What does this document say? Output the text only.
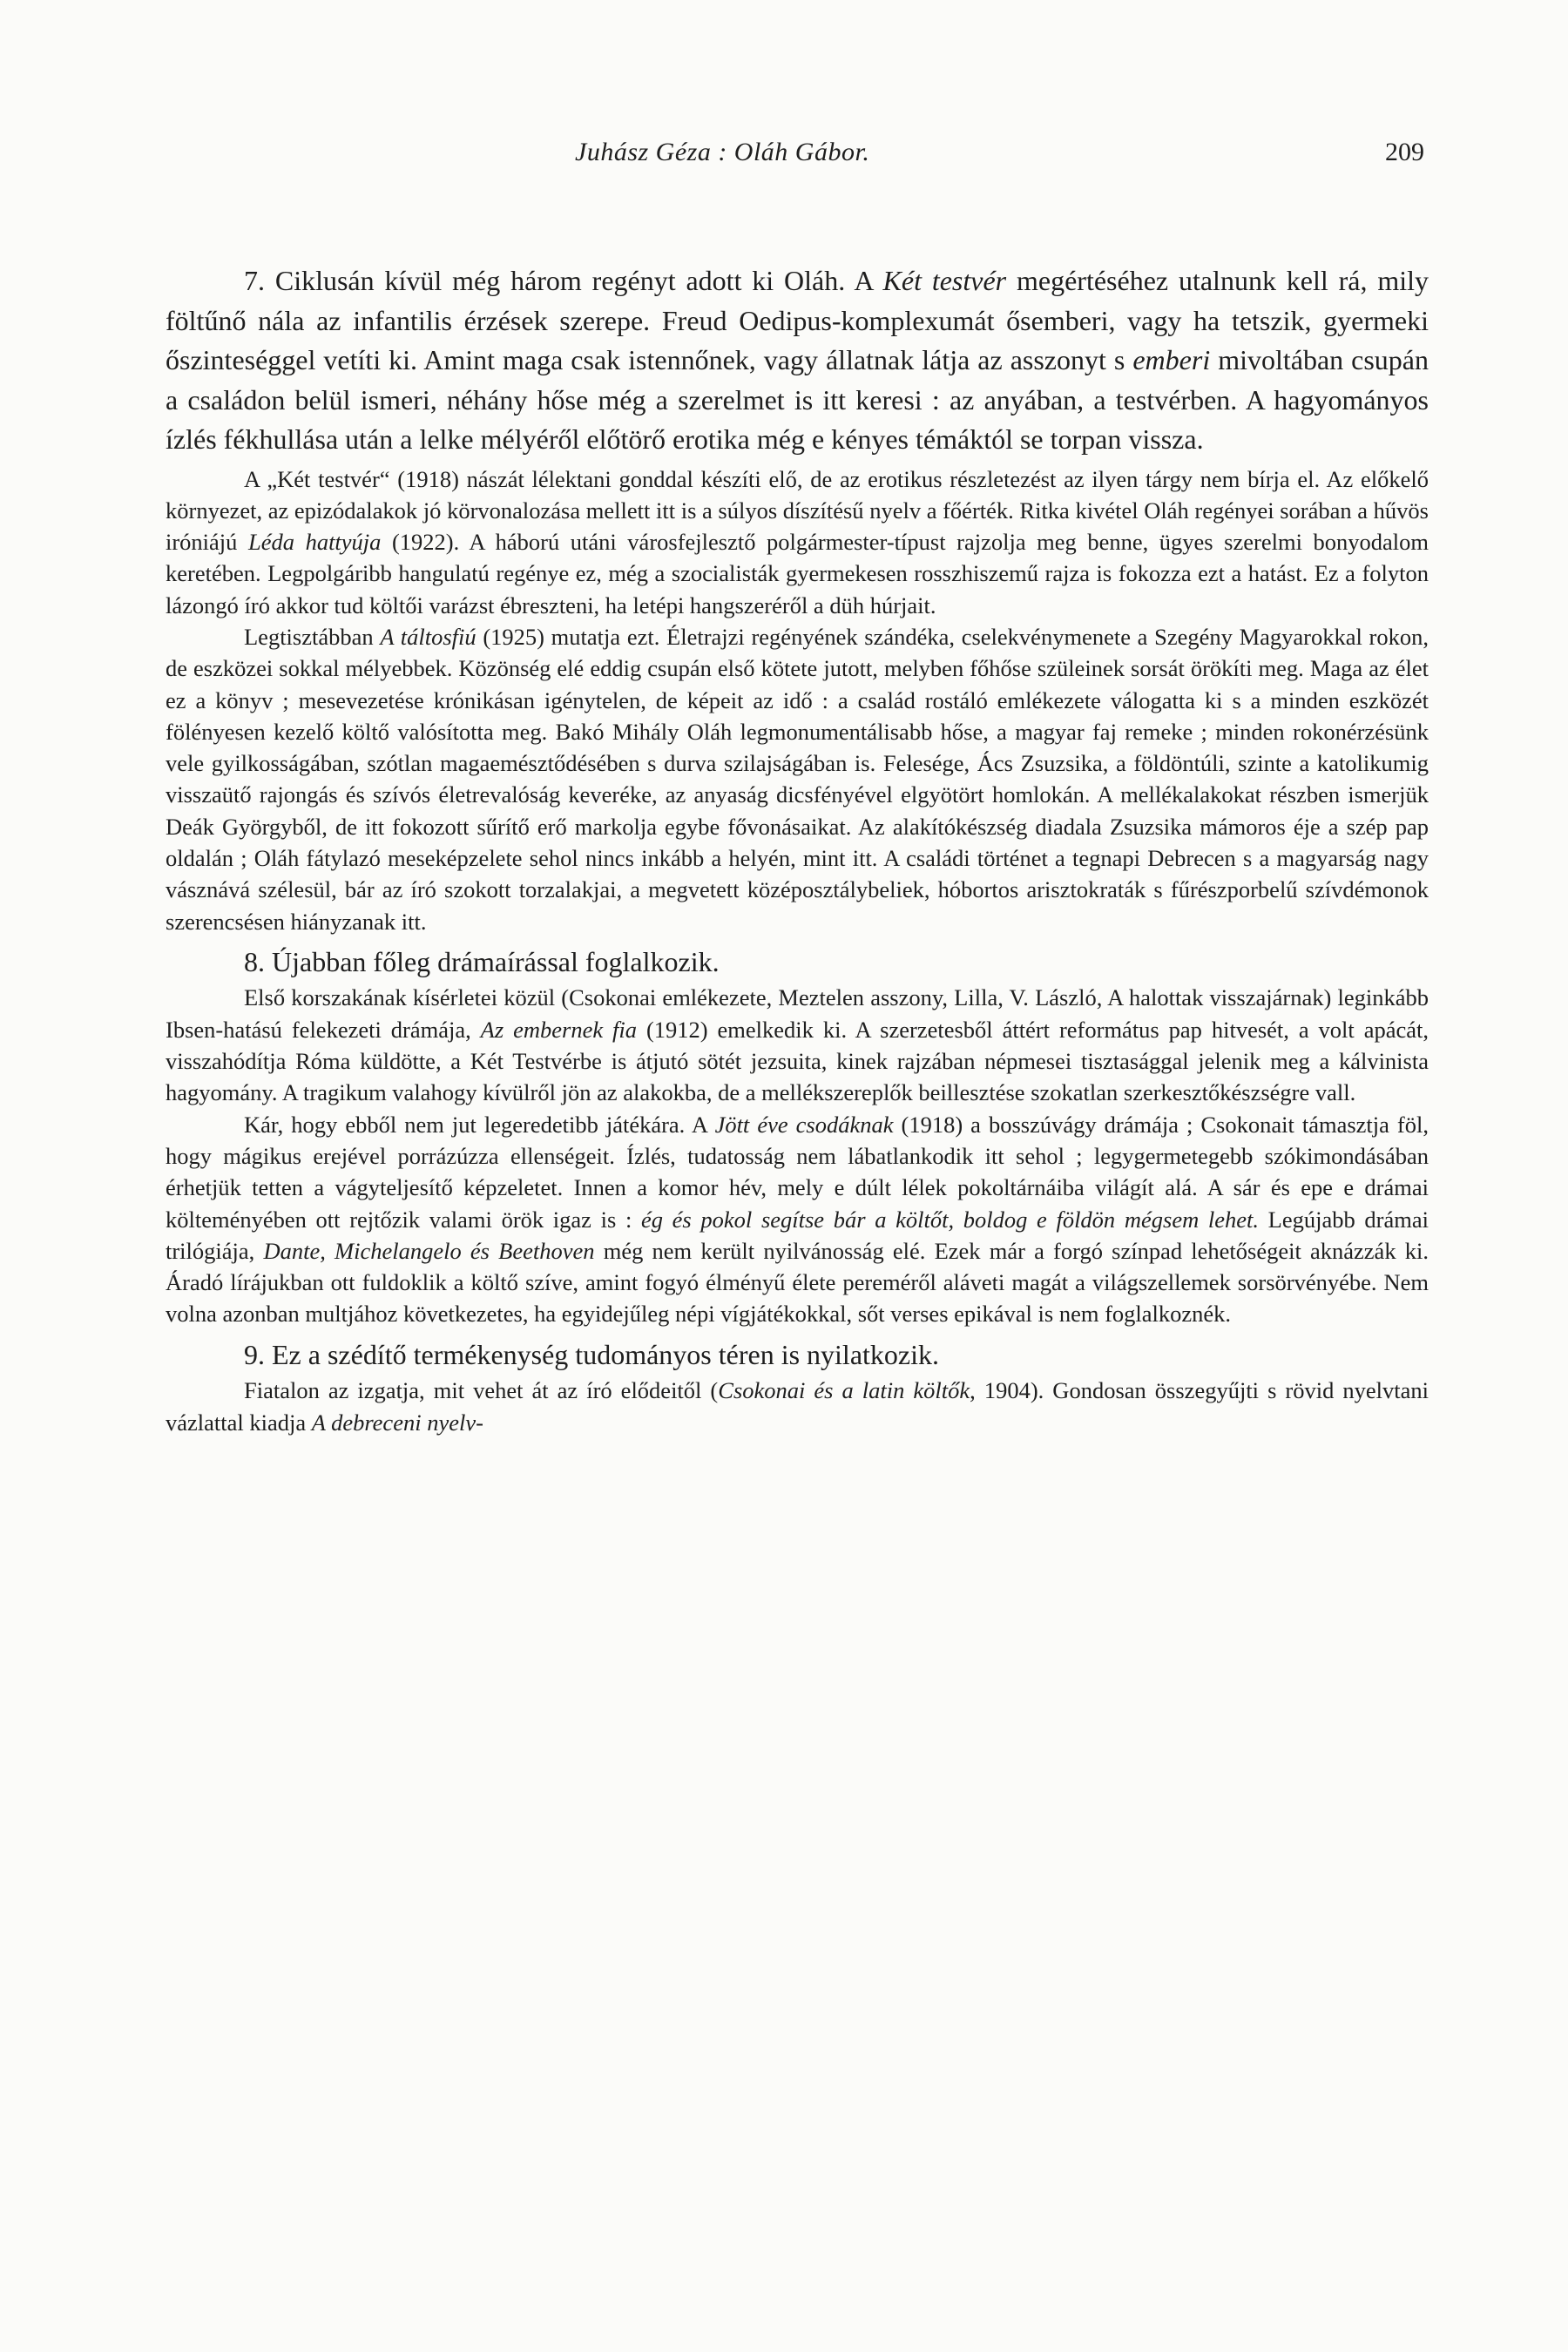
Juhász Géza : Oláh Gábor.	209

7. Ciklusán kívül még három regényt adott ki Oláh. A Két testvér megértéséhez utalnunk kell rá, mily föltűnő nála az infantilis érzések szerepe. Freud Oedipus-komplexumát ősemberi, vagy ha tetszik, gyermeki őszinteséggel vetíti ki. Amint maga csak istennőnek, vagy állatnak látja az asszonyt s emberi mivoltában csupán a családon belül ismeri, néhány hőse még a szerelmet is itt keresi : az anyában, a testvérben. A hagyományos ízlés fékhullása után a lelke mélyéről előtörő erotika még e kényes témáktól se torpan vissza.

A „Két testvér“ (1918) nászát lélektani gonddal készíti elő, de az erotikus részletezést az ilyen tárgy nem bírja el. Az előkelő környezet, az epizódalakok jó körvonalozása mellett itt is a súlyos díszítésű nyelv a főérték. Ritka kivétel Oláh regényei sorában a hűvös iróniájú Léda hattyúja (1922). A háború utáni városfejlesztő polgármester-típust rajzolja meg benne, ügyes szerelmi bonyodalom keretében. Legpolgáribb hangulatú regénye ez, még a szocialisták gyermekesen rosszhiszemű rajza is fokozza ezt a hatást. Ez a folyton lázongó író akkor tud költői varázst ébreszteni, ha letépi hangszeréről a düh húrjait.

Legtisztábban A táltosfiú (1925) mutatja ezt. Életrajzi regényének szándéka, cselekvénymenete a Szegény Magyarokkal rokon, de eszközei sokkal mélyebbek. Közönség elé eddig csupán első kötete jutott, melyben főhőse szüleinek sorsát örökíti meg. Maga az élet ez a könyv ; mesevezetése krónikásan igénytelen, de képeit az idő : a család rostáló emlékezete válogatta ki s a minden eszközét fölényesen kezelő költő valósította meg. Bakó Mihály Oláh legmonumentálisabb hőse, a magyar faj remeke ; minden rokonérzésünk vele gyilkosságában, szótlan magaemésztődésében s durva szilajságában is. Felesége, Ács Zsuzsika, a földöntúli, szinte a katolikumig visszaütő rajongás és szívós életrevalóság keveréke, az anyaság dicsfényével elgyötört homlokán. A mellékalakokat részben ismerjük Deák Györgyből, de itt fokozott sűrítő erő markolja egybe fővonásaikat. Az alakítókészség diadala Zsuzsika mámoros éje a szép pap oldalán ; Oláh fátylazó meseképzelete sehol nincs inkább a helyén, mint itt. A családi történet a tegnapi Debrecen s a magyarság nagy vásznává szélesül, bár az író szokott torzalakjai, a megvetett középosztálybeliek, hóbortos arisztokraták s fűrészporbelű szívdémonok szerencsésen hiányzanak itt.

8. Újabban főleg drámaírással foglalkozik.

Első korszakának kísérletei közül (Csokonai emlékezete, Meztelen asszony, Lilla, V. László, A halottak visszajárnak) leginkább Ibsen-hatású felekezeti drámája, Az embernek fia (1912) emelkedik ki. A szerzetesből áttért református pap hitvesét, a volt apácát, visszahódítja Róma küldötte, a Két Testvérbe is átjutó sötét jezsuita, kinek rajzában népmesei tisztasággal jelenik meg a kálvinista hagyomány. A tragikum valahogy kívülről jön az alakokba, de a mellékszereplők beillesztése szokatlan szerkesztőkészségre vall.

Kár, hogy ebből nem jut legeredetibb játékára. A Jött éve csodáknak (1918) a bosszúvágy drámája ; Csokonait támasztja föl, hogy mágikus erejével porrázúzza ellenségeit. Ízlés, tudatosság nem lábatlankodik itt sehol ; legygermetegebb szókimondásában érhetjük tetten a vágyteljesítő képzeletet. Innen a komor hév, mely e dúlt lélek pokoltárnáiba világít alá. A sár és epe e drámai költeményében ott rejtőzik valami örök igaz is : ég és pokol segítse bár a költőt, boldog e földön mégsem lehet. Legújabb drámai trilógiája, Dante, Michelangelo és Beethoven még nem került nyilvánosság elé. Ezek már a forgó színpad lehetőségeit aknázzák ki. Áradó lírájukban ott fuldoklik a költő szíve, amint fogyó élményű élete pereméről aláveti magát a világszellemek sorsörvényébe. Nem volna azonban multjához következetes, ha egyidejűleg népi vígjátékokkal, sőt verses epikával is nem foglalkoznék.

9. Ez a szédítő termékenység tudományos téren is nyilatkozik.

Fiatalon az izgatja, mit vehet át az író elődeitől (Csokonai és a latin költők, 1904). Gondosan összegyűjti s rövid nyelvtani vázlattal kiadja A debreceni nyelv-
